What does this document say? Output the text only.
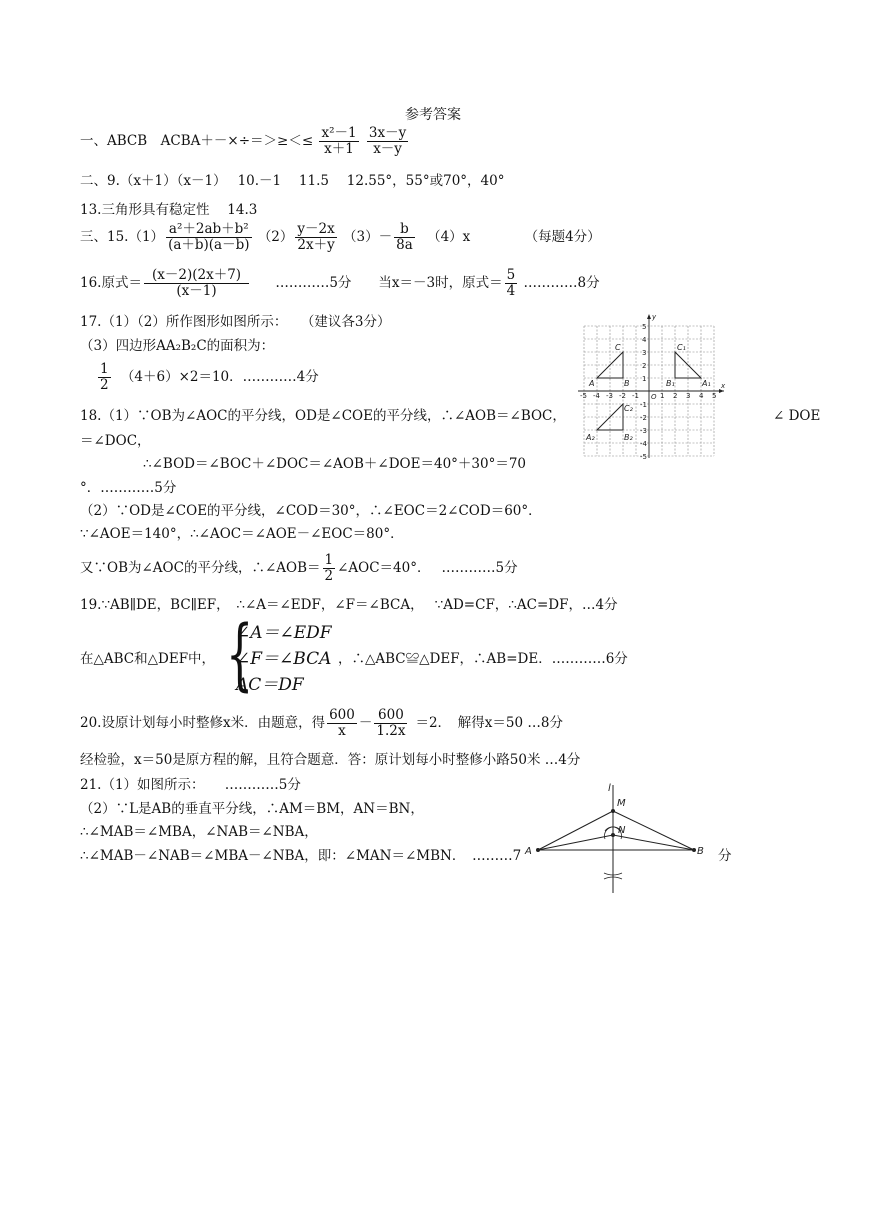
参考答案
一、ABCB　ACBA＋－×÷＝＞≥＜≤ $\frac{\text{x²－1}}{x+1}$
$\frac{3x-y}{x-y}$
二、9.（x＋1）（x－1）　 10.－1　 11.5　 12.55°，55°或70°，40°
13.三角形具有稳定性　 14.3
三、$15.(1) \frac{\text{a²＋2ab＋b²}}{(a+b)(a-b)} (2) \frac{y-2x}{2x+y} (3)- \frac{b}{8a} (4)x$	（每题4分）
16.原式＝ $\frac{(x-2)(2x+7)}{(x-1)}$ …………5分　　当x＝－3时，原式＝ $\frac{5}{4}$ …………8分
17.（1）（2）所作图形如图所示：　　（建议各3分）
（3）四边形AA₂B₂C的面积为：
$\frac{1}{2} (4+6)\times 2=10$．…………4分
18.（1）∵OB为∠AOC的平分线，OD是∠COE的平分线，∴∠AOB＝∠BOC，	∠ DOE
＝∠DOC，
∴∠BOD＝∠BOC＋∠DOC＝∠AOB＋∠DOE＝40°＋30°＝70
°．…………5分
（2）∵OD是∠COE的平分线，∠COD＝30°，∴∠EOC＝2∠COD＝60°．
∵∠AOE＝140°，∴∠AOC＝∠AOE－∠EOC＝80°．
又∵OB为∠AOC的平分线，∴∠AOB＝ $\frac{1}{2}$ ∠AOC＝40°．　 …………5分
19.∵AB∥DE，BC∥EF，　∴∠A＝∠EDF，∠F＝∠BCA，　 ∵AD=CF，∴AC=DF，…4分
在△ABC和△DEF中， {
∠A＝∠EDF
∠F＝∠BCA
AC＝DF
，∴△ABC≌△DEF，∴AB=DE．…………6分
20.设原计划每小时整修x米．由题意，得 $\frac{600}{x} - \frac{600}{1.2x} =2$．　解得x＝50 …8分
经检验，x＝50是原方程的解，且符合题意．答：原计划每小时整修小路50米 …4分
21.（1）如图所示：　　…………5分
（2）∵L是AB的垂直平分线，∴AM＝BM，AN＝BN，
∴∠MAB＝∠MBA，∠NAB＝∠NBA，
∴∠MAB－∠NAB＝∠MBA－∠NBA，即：∠MAN＝∠MBN．　………7	分
-5 -4 -3 -2 -1	1 2 3 4 5
5
4
3
2
1
-1
-2
-3
-4
-5
x
y
O
A	B
C
A₁
B₁
C₁
A₂	B₂
C₂
l
M
N
A	B
